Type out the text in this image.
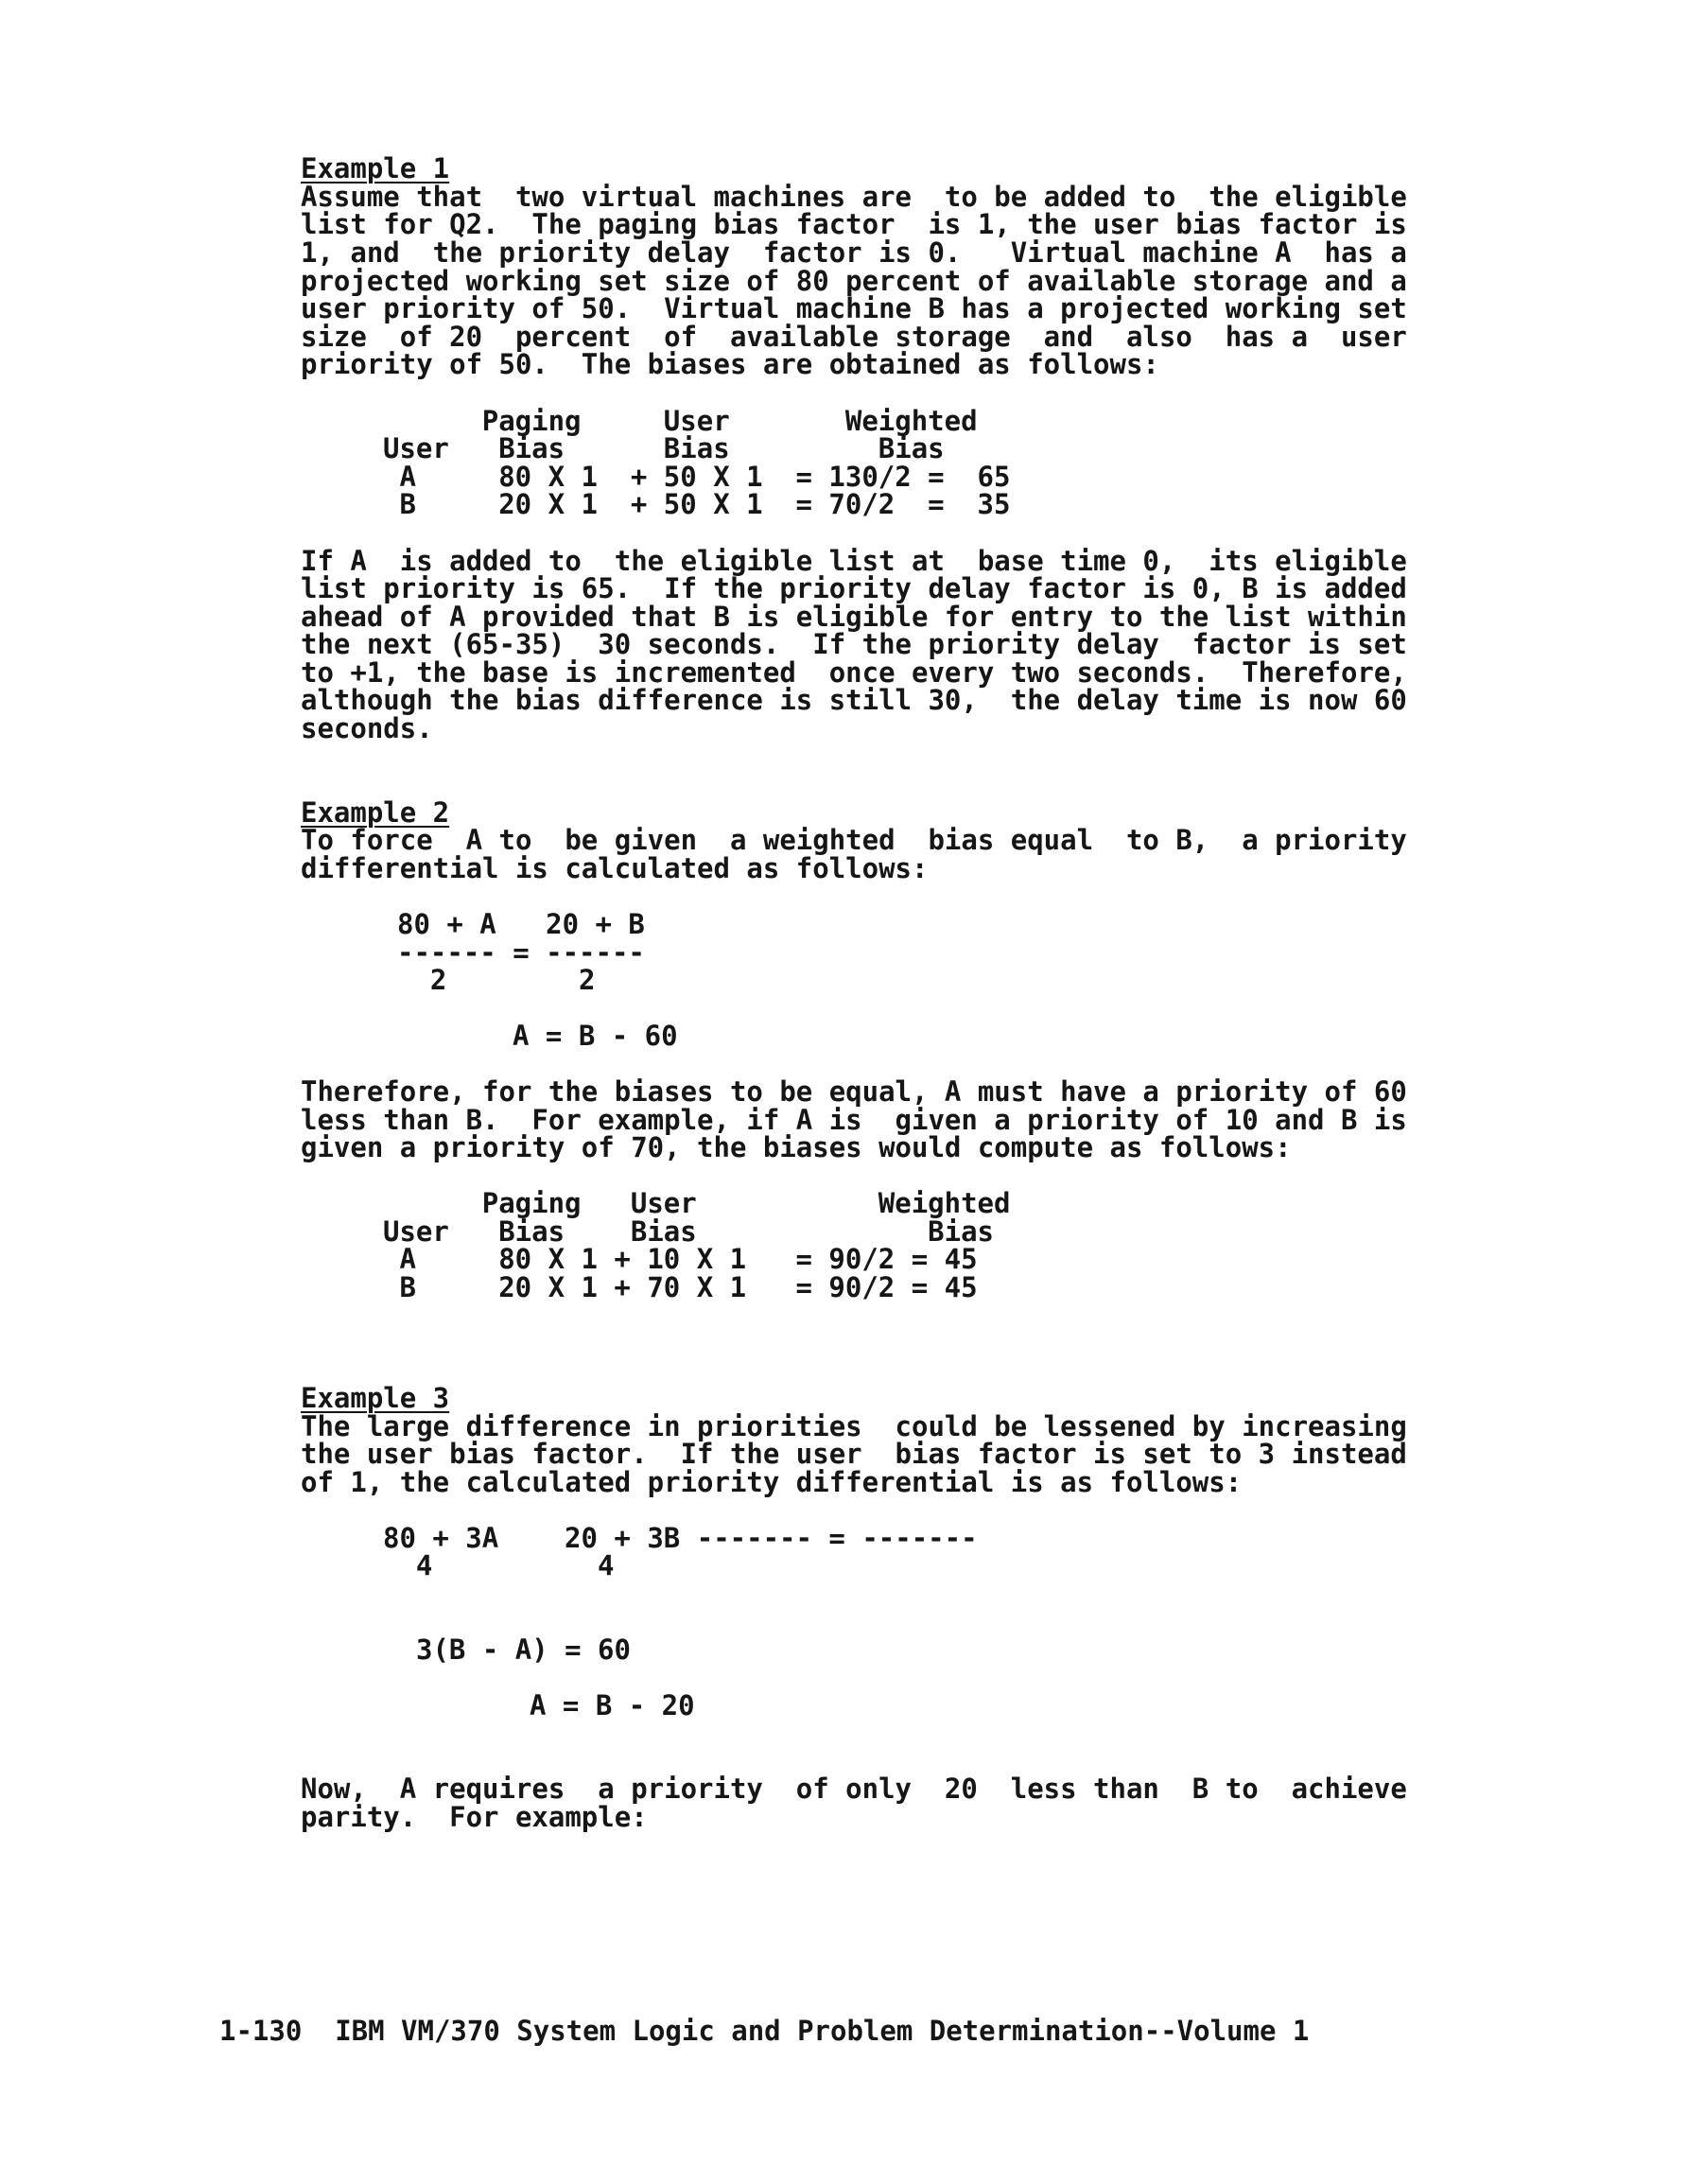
Example 1
Assume that  two virtual machines are  to be added to  the eligible
list for Q2.  The paging bias factor  is 1, the user bias factor is
1, and  the priority delay  factor is 0.   Virtual machine A  has a
projected working set size of 80 percent of available storage and a
user priority of 50.  Virtual machine B has a projected working set
size  of 20  percent  of  available storage  and  also  has a  user
priority of 50.  The biases are obtained as follows:
Paging     User       Weighted
User   Bias      Bias         Bias
A     80 X 1  + 50 X 1  = 130/2 =  65
B     20 X 1  + 50 X 1  = 70/2  =  35
If A  is added to  the eligible list at  base time 0,  its eligible
list priority is 65.  If the priority delay factor is 0, B is added
ahead of A provided that B is eligible for entry to the list within
the next (65-35)  30 seconds.  If the priority delay  factor is set
to +1, the base is incremented  once every two seconds.  Therefore,
although the bias difference is still 30,  the delay time is now 60
seconds.
Example 2
To force  A to  be given  a weighted  bias equal  to B,  a priority
differential is calculated as follows:
80 + A   20 + B
------ = ------
2        2
A = B - 60
Therefore, for the biases to be equal, A must have a priority of 60
less than B.  For example, if A is  given a priority of 10 and B is
given a priority of 70, the biases would compute as follows:
Paging   User           Weighted
User   Bias    Bias              Bias
A     80 X 1 + 10 X 1   = 90/2 = 45
B     20 X 1 + 70 X 1   = 90/2 = 45
Example 3
The large difference in priorities  could be lessened by increasing
the user bias factor.  If the user  bias factor is set to 3 instead
of 1, the calculated priority differential is as follows:
80 + 3A    20 + 3B ------- = -------
4          4
3(B - A) = 60
A = B - 20
Now,  A requires  a priority  of only  20  less than  B to  achieve
parity.  For example:
1-130  IBM VM/370 System Logic and Problem Determination--Volume 1
